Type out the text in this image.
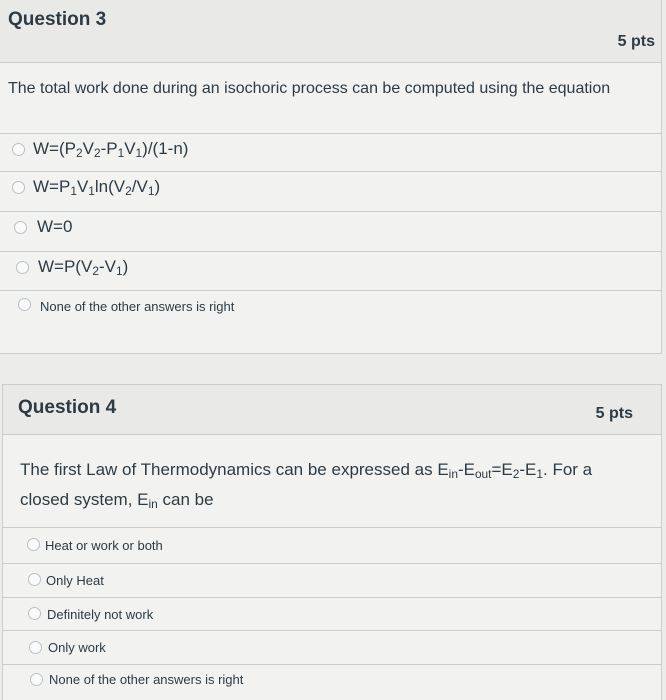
Question 3
5 pts
The total work done during an isochoric process can be computed using the equation
$W=(P_2V_2-P_1V_1)/(1-n)$
$W=P_1V_1\ln(V_2/V_1)$
W=0
$W=P(V_2-V_1)$
None of the other answers is right
Question 4	5 pts
The first Law of Thermodynamics can be expressed as $E_{in}-E_{out}=E_2-E_1$. For a closed system, $E_{in}$ can be
Heat or work or both
Only Heat
Definitely not work
Only work
None of the other answers is right
